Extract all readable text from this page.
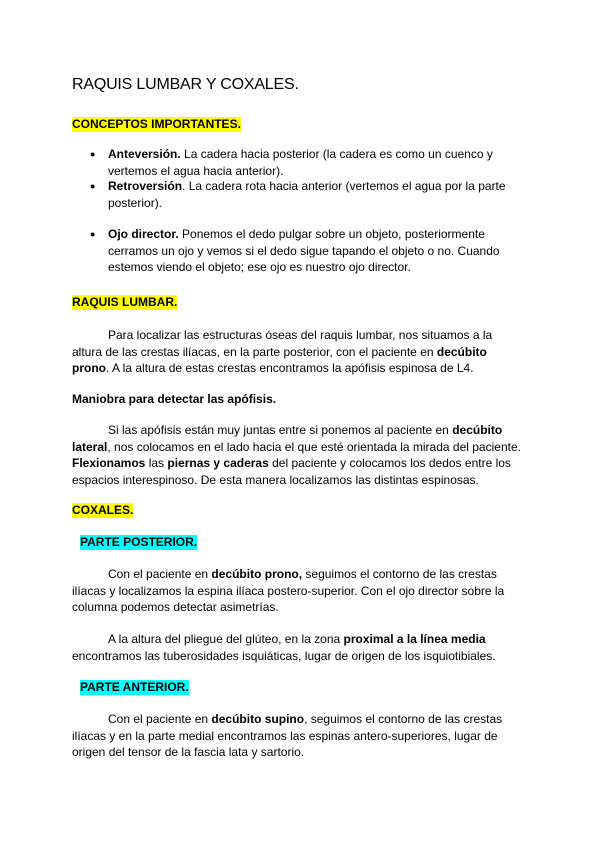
RAQUIS LUMBAR Y COXALES.
CONCEPTOS IMPORTANTES.
● Anteversión. La cadera hacia posterior (la cadera es como un cuenco y vertemos el agua hacia anterior).
● Retroversión. La cadera rota hacia anterior (vertemos el agua por la parte posterior).
● Ojo director. Ponemos el dedo pulgar sobre un objeto, posteriormente cerramos un ojo y vemos si el dedo sigue tapando el objeto o no. Cuando estemos viendo el objeto; ese ojo es nuestro ojo director.
RAQUIS LUMBAR.
Para localizar las estructuras óseas del raquis lumbar, nos situamos a la altura de las crestas ilíacas, en la parte posterior, con el paciente en decúbito prono. A la altura de estas crestas encontramos la apófisis espinosa de L4.
Maniobra para detectar las apófisis.
Si las apófisis están muy juntas entre si ponemos al paciente en decúbito lateral, nos colocamos en el lado hacia el que esté orientada la mirada del paciente. Flexionamos las piernas y caderas del paciente y colocamos los dedos entre los espacios interespinoso. De esta manera localizamos las distintas espinosas.
COXALES.
PARTE POSTERIOR.
Con el paciente en decúbito prono, seguimos el contorno de las crestas ilíacas y localizamos la espina ilíaca postero-superior. Con el ojo director sobre la columna podemos detectar asimetrías.
A la altura del pliegue del glúteo, en la zona proximal a la línea media encontramos las tuberosidades isquiáticas, lugar de origen de los isquiotibiales.
PARTE ANTERIOR.
Con el paciente en decúbito supino, seguimos el contorno de las crestas ilíacas y en la parte medial encontramos las espinas antero-superiores, lugar de origen del tensor de la fascia lata y sartorio.
